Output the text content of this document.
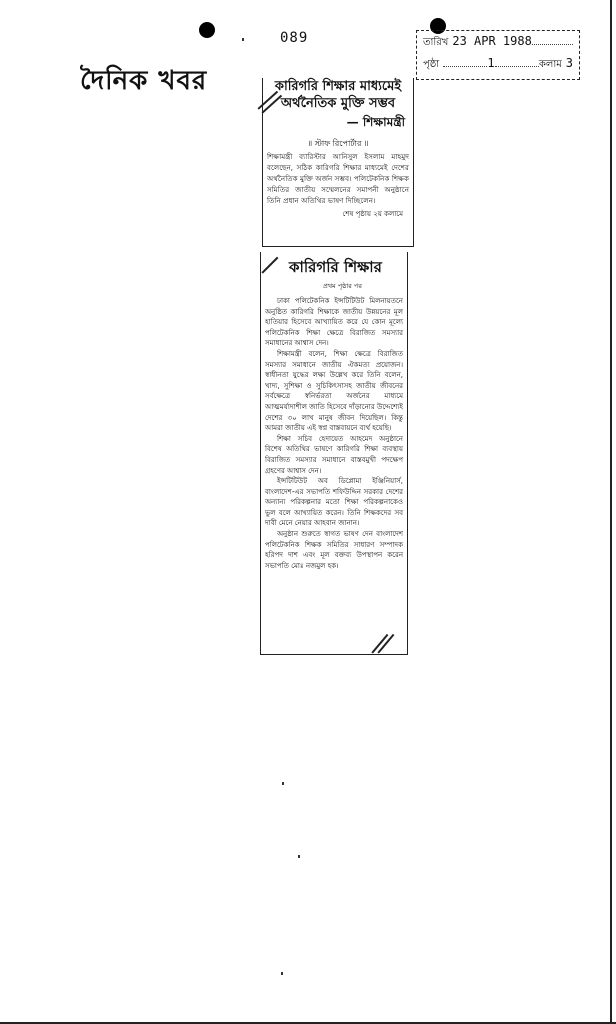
089
দৈনিক খবর
তারিখ 23 APR 1988
পৃষ্ঠা	1	কলাম 3
কারিগরি শিক্ষার মাধ্যমেই অর্থনৈতিক মুক্তি সম্ভব
— শিক্ষামন্ত্রী
॥ স্টাফ রিপোর্টার ॥
শিক্ষামন্ত্রী ব্যারিস্টার আনিসুল ইসলাম মাহমুদ বলেছেন, সঠিক কারিগরি শিক্ষার মাধ্যমেই দেশের অর্থনৈতিক মুক্তি অর্জন সম্ভব। পলিটেকনিক শিক্ষক সমিতির জাতীয় সম্মেলনের সমাপনী অনুষ্ঠানে তিনি প্রধান অতিথির ভাষণ দিচ্ছিলেন।
শেষ পৃষ্ঠায় ২য় কলামে
কারিগরি শিক্ষার
প্রথম পৃষ্ঠার পর

ঢাকা পলিটেকনিক ইন্সটিটিউট মিলনায়তনে অনুষ্ঠিত কারিগরি শিক্ষাকে জাতীয় উন্নয়নের মূল হাতিয়ার হিসেবে আখ্যায়িত করে যে কোন মূল্যে পলিটেকনিক শিক্ষা ক্ষেত্রে বিরাজিত সমস্যার সমাধানের আশ্বাস দেন।

শিক্ষামন্ত্রী বলেন, শিক্ষা ক্ষেত্রে বিরাজিত সমস্যার সমাধানে জাতীয় ঐকমত্য প্রয়োজন। স্বাধীনতা যুদ্ধের লক্ষ্য উল্লেখ করে তিনি বলেন, খাদ্য, সুশিক্ষা ও সুচিকিৎসাসহ জাতীয় জীবনের সর্বক্ষেত্রে স্বনির্ভরতা অর্জনের মাধ্যমে আত্মমর্যাদাশীল জাতি হিসেবে দাঁড়ানোর উদ্দেশ্যেই দেশের ৩০ লাখ মানুষ জীবন দিয়েছিল। কিন্তু আমরা জাতীয় এই স্বপ্ন বাস্তবায়নে ব্যর্থ হয়েছি।

শিক্ষা সচিব হেদায়েত আহমেদ অনুষ্ঠানে বিশেষ অতিথির ভাষণে কারিগরি শিক্ষা ব্যবস্থায় বিরাজিত সমস্যার সমাধানে বাস্তবমুখী পদক্ষেপ গ্রহণের আশ্বাস দেন।

ইন্সটিটিউট অব ডিপ্লোমা ইঞ্জিনিয়ার্স, বাংলাদেশ-এর সভাপতি শফিউদ্দিন সরকার দেশের অন্যান্য পরিকল্পনার মতো শিক্ষা পরিকল্পনাকেও ভুল বলে আখ্যায়িত করেন। তিনি শিক্ষকদের সব দাবী মেনে নেয়ার আহবান জানান।

অনুষ্ঠান শুরুতে স্বাগত ভাষণ দেন বাংলাদেশ পলিটেকনিক শিক্ষক সমিতির সাধারণ সম্পাদক হরিপদ দাশ এবং মূল বক্তব্য উপস্থাপন করেন সভাপতি মোঃ নজমুল হক।
